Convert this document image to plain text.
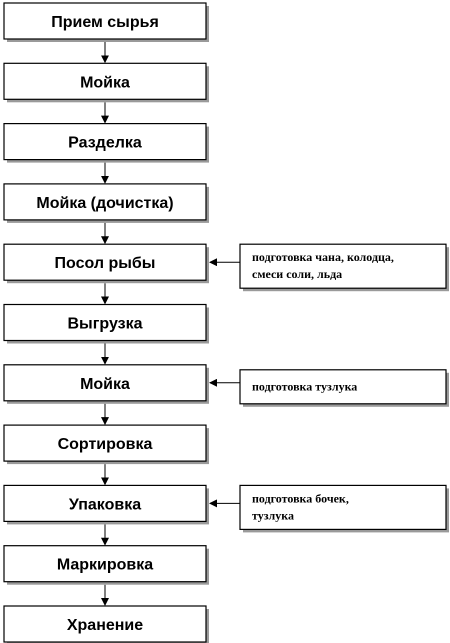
Прием сырья
Мойка
Разделка
Мойка (дочистка)
Посол рыбы
Выгрузка
Мойка
Сортировка
Упаковка
Маркировка
Хранение
подготовка чана, колодца,
смеси соли, льда
подготовка тузлука
подготовка бочек,
тузлука
